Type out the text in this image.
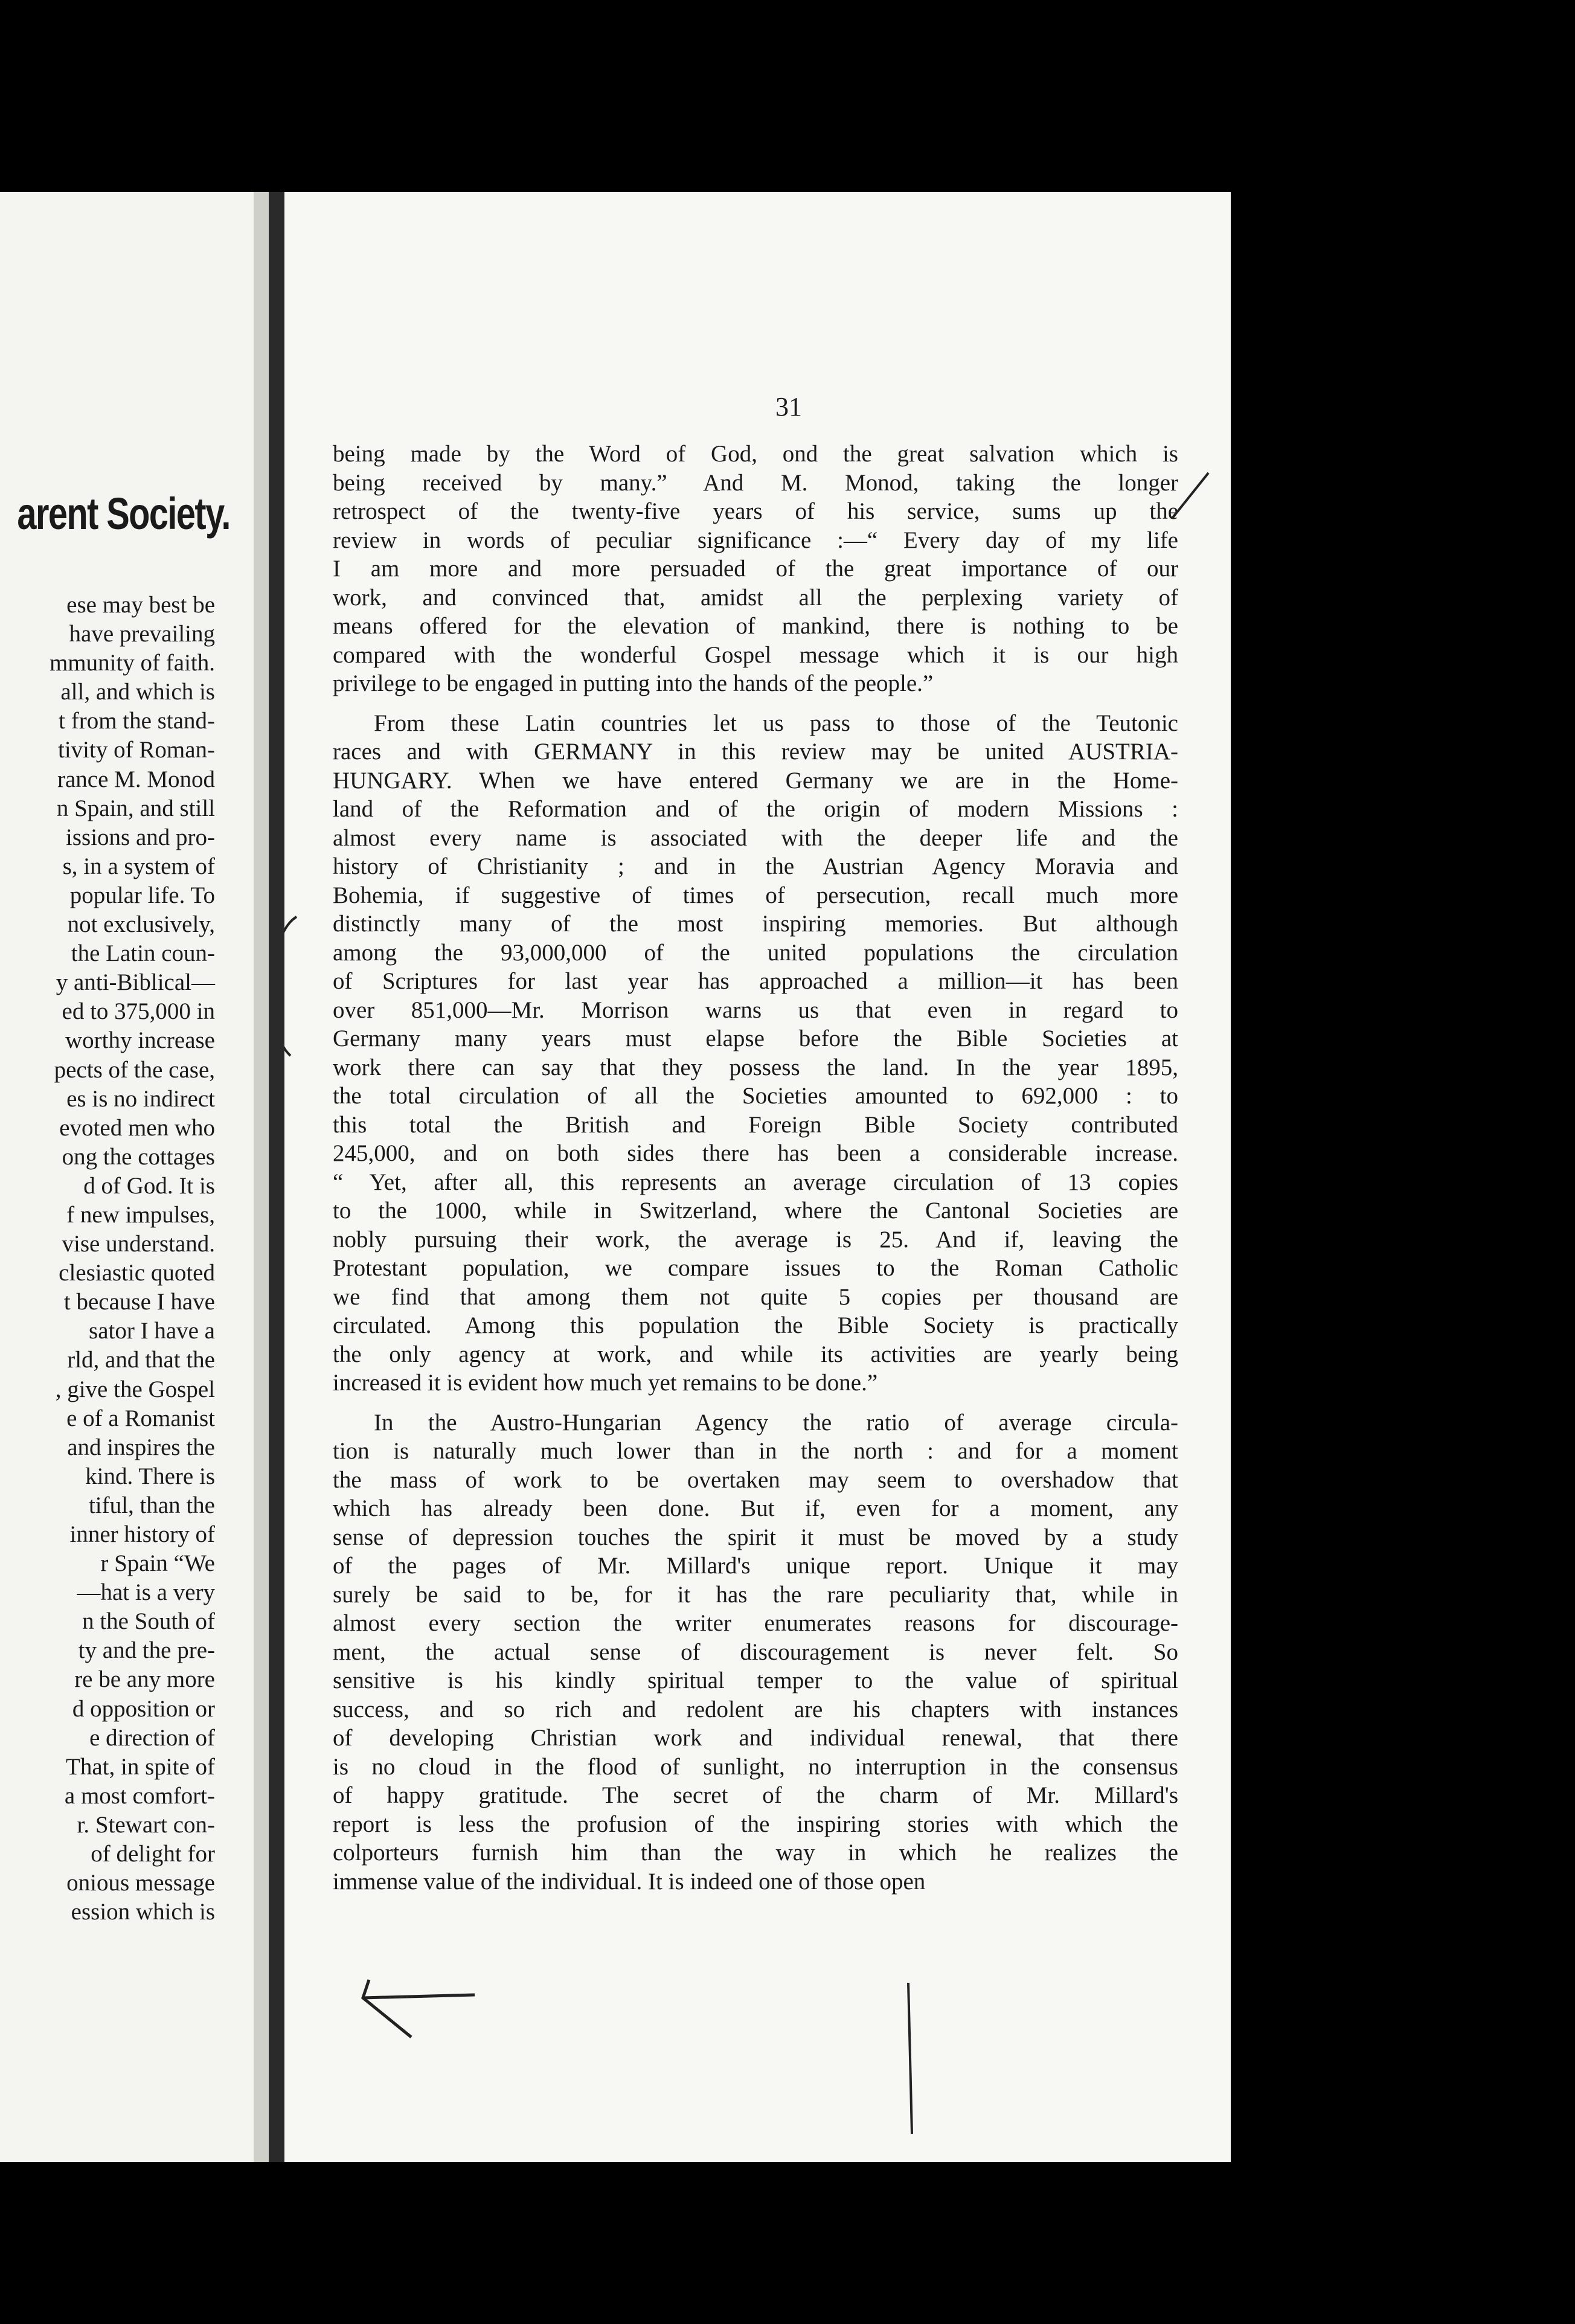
arent Society.
ese may best be
have prevailing
mmunity of faith.
all, and which is
t from the stand-
tivity of Roman-
rance M. Monod
n Spain, and still
issions and pro-
s, in a system of
popular life. To
not exclusively,
the Latin coun-
y anti-Biblical—
ed to 375,000 in
worthy increase
pects of the case,
es is no indirect
evoted men who
ong the cottages
d of God. It is
f new impulses,
vise understand.
clesiastic quoted
t because I have
sator I have a
rld, and that the
, give the Gospel
e of a Romanist
and inspires the
kind. There is
tiful, than the
inner history of
r Spain “We
—hat is a very
n the South of
ty and the pre-
re be any more
d opposition or
e direction of
That, in spite of
a most comfort-
r. Stewart con-
of delight for
onious message
ession which is
31
being made by the Word of God, ond the great salvation which is
being received by many.” And M. Monod, taking the longer
retrospect of the twenty-five years of his service, sums up the
review in words of peculiar significance :—“ Every day of my life
I am more and more persuaded of the great importance of our
work, and convinced that, amidst all the perplexing variety of
means offered for the elevation of mankind, there is nothing to be
compared with the wonderful Gospel message which it is our high
privilege to be engaged in putting into the hands of the people.”
From these Latin countries let us pass to those of the Teutonic
races and with GERMANY in this review may be united AUSTRIA-
HUNGARY. When we have entered Germany we are in the Home-
land of the Reformation and of the origin of modern Missions :
almost every name is associated with the deeper life and the
history of Christianity ; and in the Austrian Agency Moravia and
Bohemia, if suggestive of times of persecution, recall much more
distinctly many of the most inspiring memories. But although
among the 93,000,000 of the united populations the circulation
of Scriptures for last year has approached a million—it has been
over 851,000—Mr. Morrison warns us that even in regard to
Germany many years must elapse before the Bible Societies at
work there can say that they possess the land. In the year 1895,
the total circulation of all the Societies amounted to 692,000 : to
this total the British and Foreign Bible Society contributed
245,000, and on both sides there has been a considerable increase.
“ Yet, after all, this represents an average circulation of 13 copies
to the 1000, while in Switzerland, where the Cantonal Societies are
nobly pursuing their work, the average is 25. And if, leaving the
Protestant population, we compare issues to the Roman Catholic
we find that among them not quite 5 copies per thousand are
circulated. Among this population the Bible Society is practically
the only agency at work, and while its activities are yearly being
increased it is evident how much yet remains to be done.”
In the Austro-Hungarian Agency the ratio of average circula-
tion is naturally much lower than in the north : and for a moment
the mass of work to be overtaken may seem to overshadow that
which has already been done. But if, even for a moment, any
sense of depression touches the spirit it must be moved by a study
of the pages of Mr. Millard's unique report. Unique it may
surely be said to be, for it has the rare peculiarity that, while in
almost every section the writer enumerates reasons for discourage-
ment, the actual sense of discouragement is never felt. So
sensitive is his kindly spiritual temper to the value of spiritual
success, and so rich and redolent are his chapters with instances
of developing Christian work and individual renewal, that there
is no cloud in the flood of sunlight, no interruption in the consensus
of happy gratitude. The secret of the charm of Mr. Millard's
report is less the profusion of the inspiring stories with which the
colporteurs furnish him than the way in which he realizes the
immense value of the individual. It is indeed one of those open
